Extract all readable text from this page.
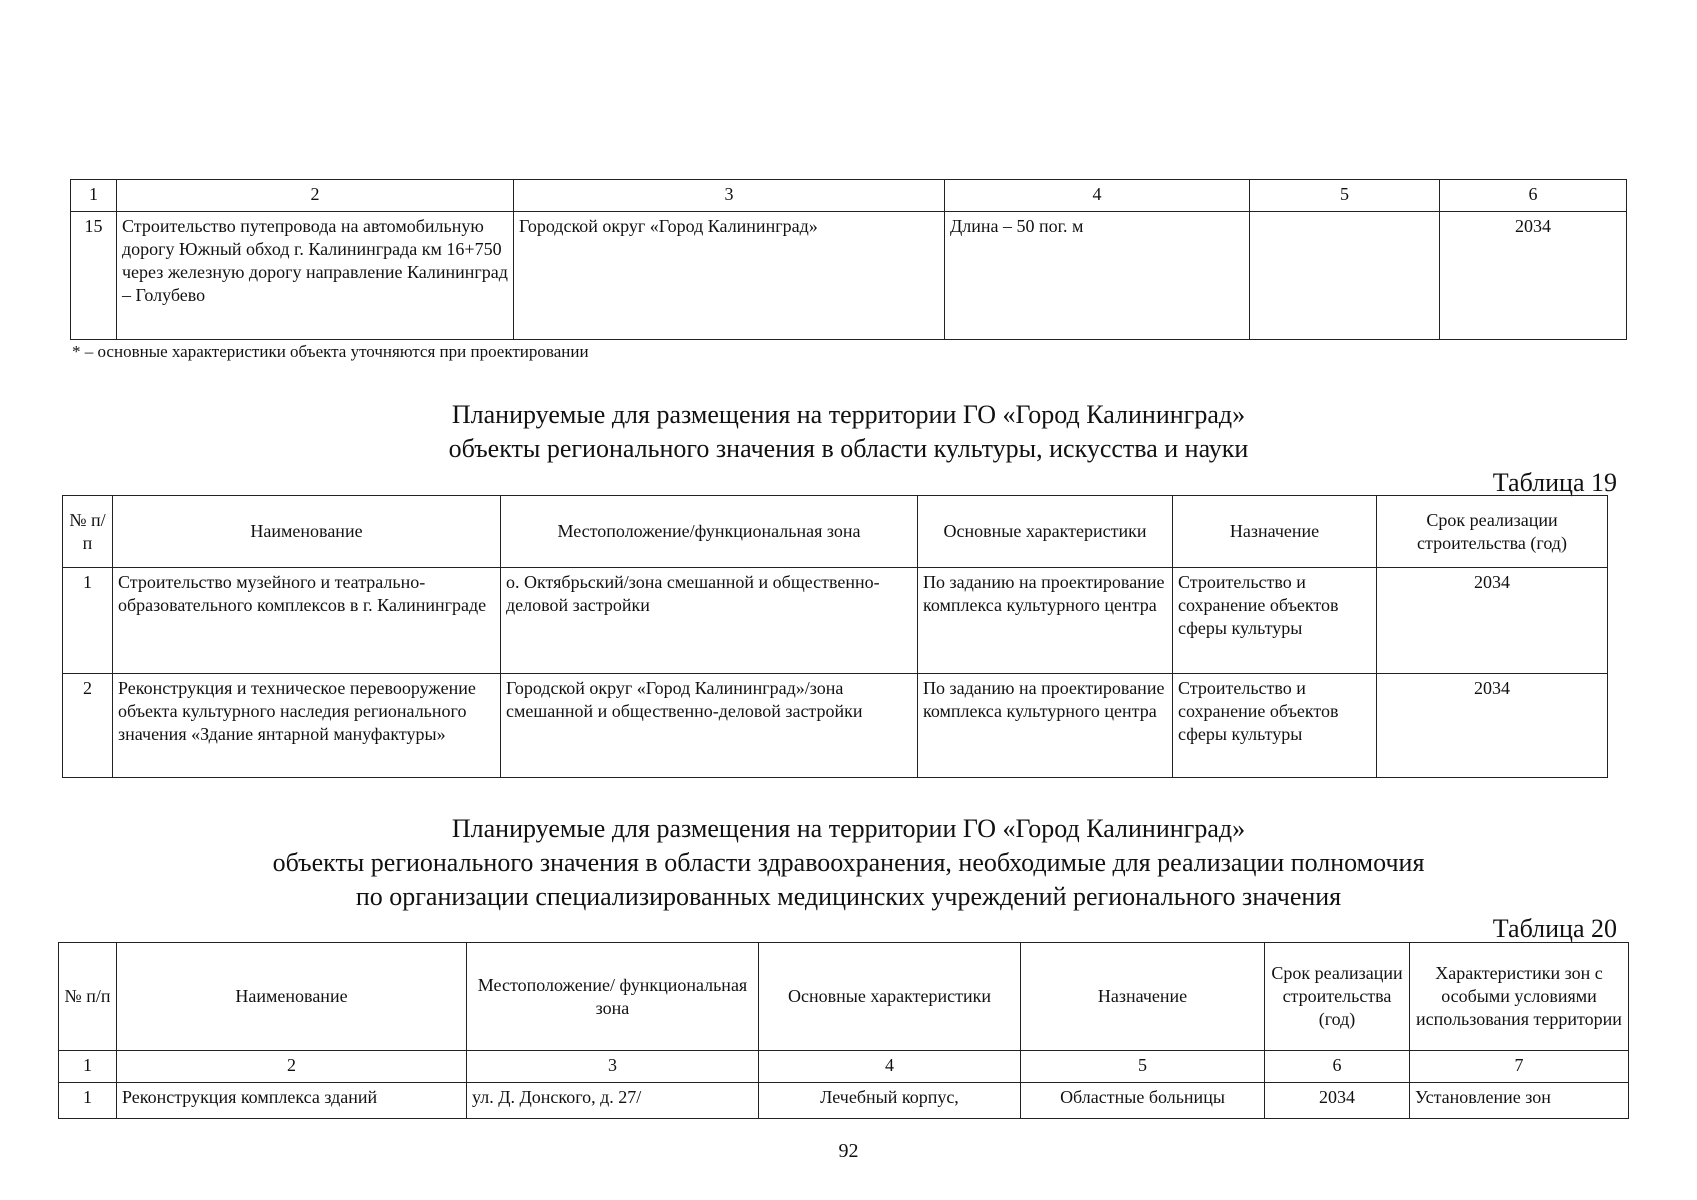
1	2	3	4	5	6
15	Строительство путепровода на автомобильную дорогу Южный обход г. Калининграда км 16+750 через железную дорогу направление Калининград – Голубево	Городской округ «Город Калининград»	Длина – 50 пог. м		2034
* – основные характеристики объекта уточняются при проектировании
Планируемые для размещения на территории ГО «Город Калининград»
объекты регионального значения в области культуры, искусства и науки
Таблица 19
№ п/п	Наименование	Местоположение/функциональная зона	Основные характеристики	Назначение	Срок реализации строительства (год)
1	Строительство музейного и театрально-образовательного комплексов в г. Калининграде	о. Октябрьский/зона смешанной и общественно-деловой застройки	По заданию на проектирование комплекса культурного центра	Строительство и сохранение объектов сферы культуры	2034
2	Реконструкция и техническое перевооружение объекта культурного наследия регионального значения «Здание янтарной мануфактуры»	Городской округ «Город Калининград»/зона смешанной и общественно-деловой застройки	По заданию на проектирование комплекса культурного центра	Строительство и сохранение объектов сферы культуры	2034
Планируемые для размещения на территории ГО «Город Калининград»
объекты регионального значения в области здравоохранения, необходимые для реализации полномочия
по организации специализированных медицинских учреждений регионального значения
Таблица 20
№ п/п	Наименование	Местоположение/ функциональная зона	Основные характеристики	Назначение	Срок реализации строительства (год)	Характеристики зон с особыми условиями использования территории
1	2	3	4	5	6	7
1	Реконструкция комплекса зданий	ул. Д. Донского, д. 27/	Лечебный корпус,	Областные больницы	2034	Установление зон
92
